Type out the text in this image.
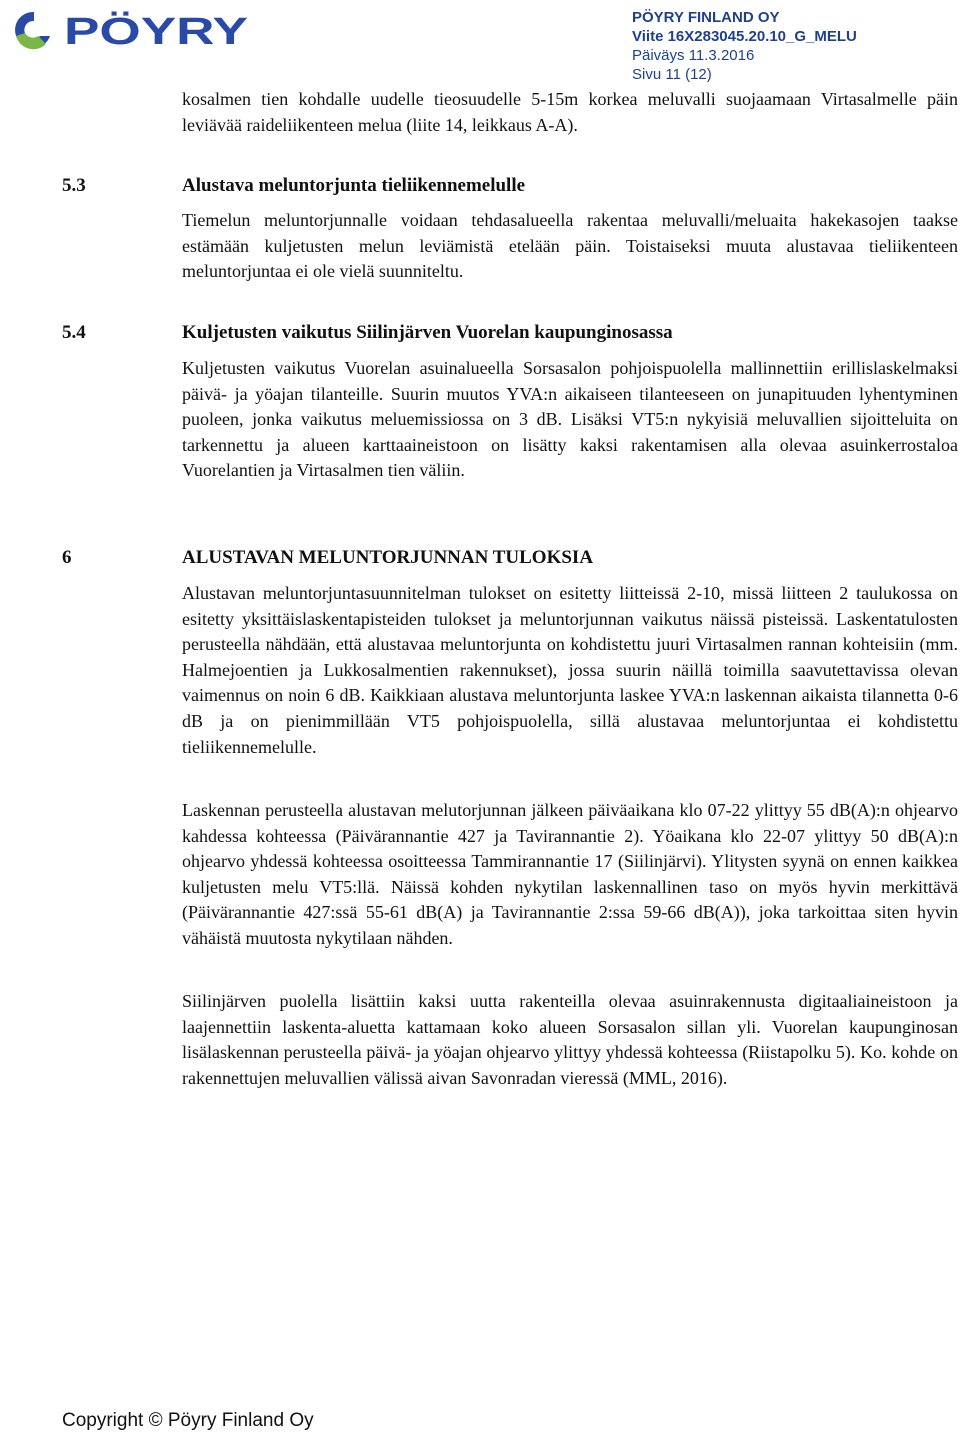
PÖYRY	PÖYRY FINLAND OY
Viite 16X283045.20.10_G_MELU
Päiväys 11.3.2016
Sivu 11 (12)
kosalmen tien kohdalle uudelle tieosuudelle 5-15m korkea meluvalli suojaamaan Virtasalmelle päin leviävää raideliikenteen melua (liite 14, leikkaus A-A).
5.3	Alustava meluntorjunta tieliikennemelulle
Tiemelun meluntorjunnalle voidaan tehdasalueella rakentaa meluvalli/meluaita hakekasojen taakse estämään kuljetusten melun leviämistä etelään päin. Toistaiseksi muuta alustavaa tieliikenteen meluntorjuntaa ei ole vielä suunniteltu.
5.4	Kuljetusten vaikutus Siilinjärven Vuorelan kaupunginosassa
Kuljetusten vaikutus Vuorelan asuinalueella Sorsasalon pohjoispuolella mallinnettiin erillislaskelmaksi päivä- ja yöajan tilanteille. Suurin muutos YVA:n aikaiseen tilanteeseen on junapituuden lyhentyminen puoleen, jonka vaikutus meluemissiossa on 3 dB. Lisäksi VT5:n nykyisiä meluvallien sijoitteluita on tarkennettu ja alueen karttaaineistoon on lisätty kaksi rakentamisen alla olevaa asuinkerrostaloa Vuorelantien ja Virtasalmen tien väliin.
6	ALUSTAVAN MELUNTORJUNNAN TULOKSIA
Alustavan meluntorjuntasuunnitelman tulokset on esitetty liitteissä 2-10, missä liitteen 2 taulukossa on esitetty yksittäislaskentapisteiden tulokset ja meluntorjunnan vaikutus näissä pisteissä. Laskentatulosten perusteella nähdään, että alustavaa meluntorjunta on kohdistettu juuri Virtasalmen rannan kohteisiin (mm. Halmejoentien ja Lukkosalmentien rakennukset), jossa suurin näillä toimilla saavutettavissa olevan vaimennus on noin 6 dB. Kaikkiaan alustava meluntorjunta laskee YVA:n laskennan aikaista tilannetta 0-6 dB ja on pienimmillään VT5 pohjoispuolella, sillä alustavaa meluntorjuntaa ei kohdistettu tieliikennemelulle.
Laskennan perusteella alustavan melutorjunnan jälkeen päiväaikana klo 07-22 ylittyy 55 dB(A):n ohjearvo kahdessa kohteessa (Päivärannantie 427 ja Tavirannantie 2). Yöaikana klo 22-07 ylittyy 50 dB(A):n ohjearvo yhdessä kohteessa osoitteessa Tammirannantie 17 (Siilinjärvi). Ylitysten syynä on ennen kaikkea kuljetusten melu VT5:llä. Näissä kohden nykytilan laskennallinen taso on myös hyvin merkittävä (Päivärannantie 427:ssä 55-61 dB(A) ja Tavirannantie 2:ssa 59-66 dB(A)), joka tarkoittaa siten hyvin vähäistä muutosta nykytilaan nähden.
Siilinjärven puolella lisättiin kaksi uutta rakenteilla olevaa asuinrakennusta digitaaliaineistoon ja laajennettiin laskenta-aluetta kattamaan koko alueen Sorsasalon sillan yli. Vuorelan kaupunginosan lisälaskennan perusteella päivä- ja yöajan ohjearvo ylittyy yhdessä kohteessa (Riistapolku 5). Ko. kohde on rakennettujen meluvallien välissä aivan Savonradan vieressä (MML, 2016).
Copyright © Pöyry Finland Oy
